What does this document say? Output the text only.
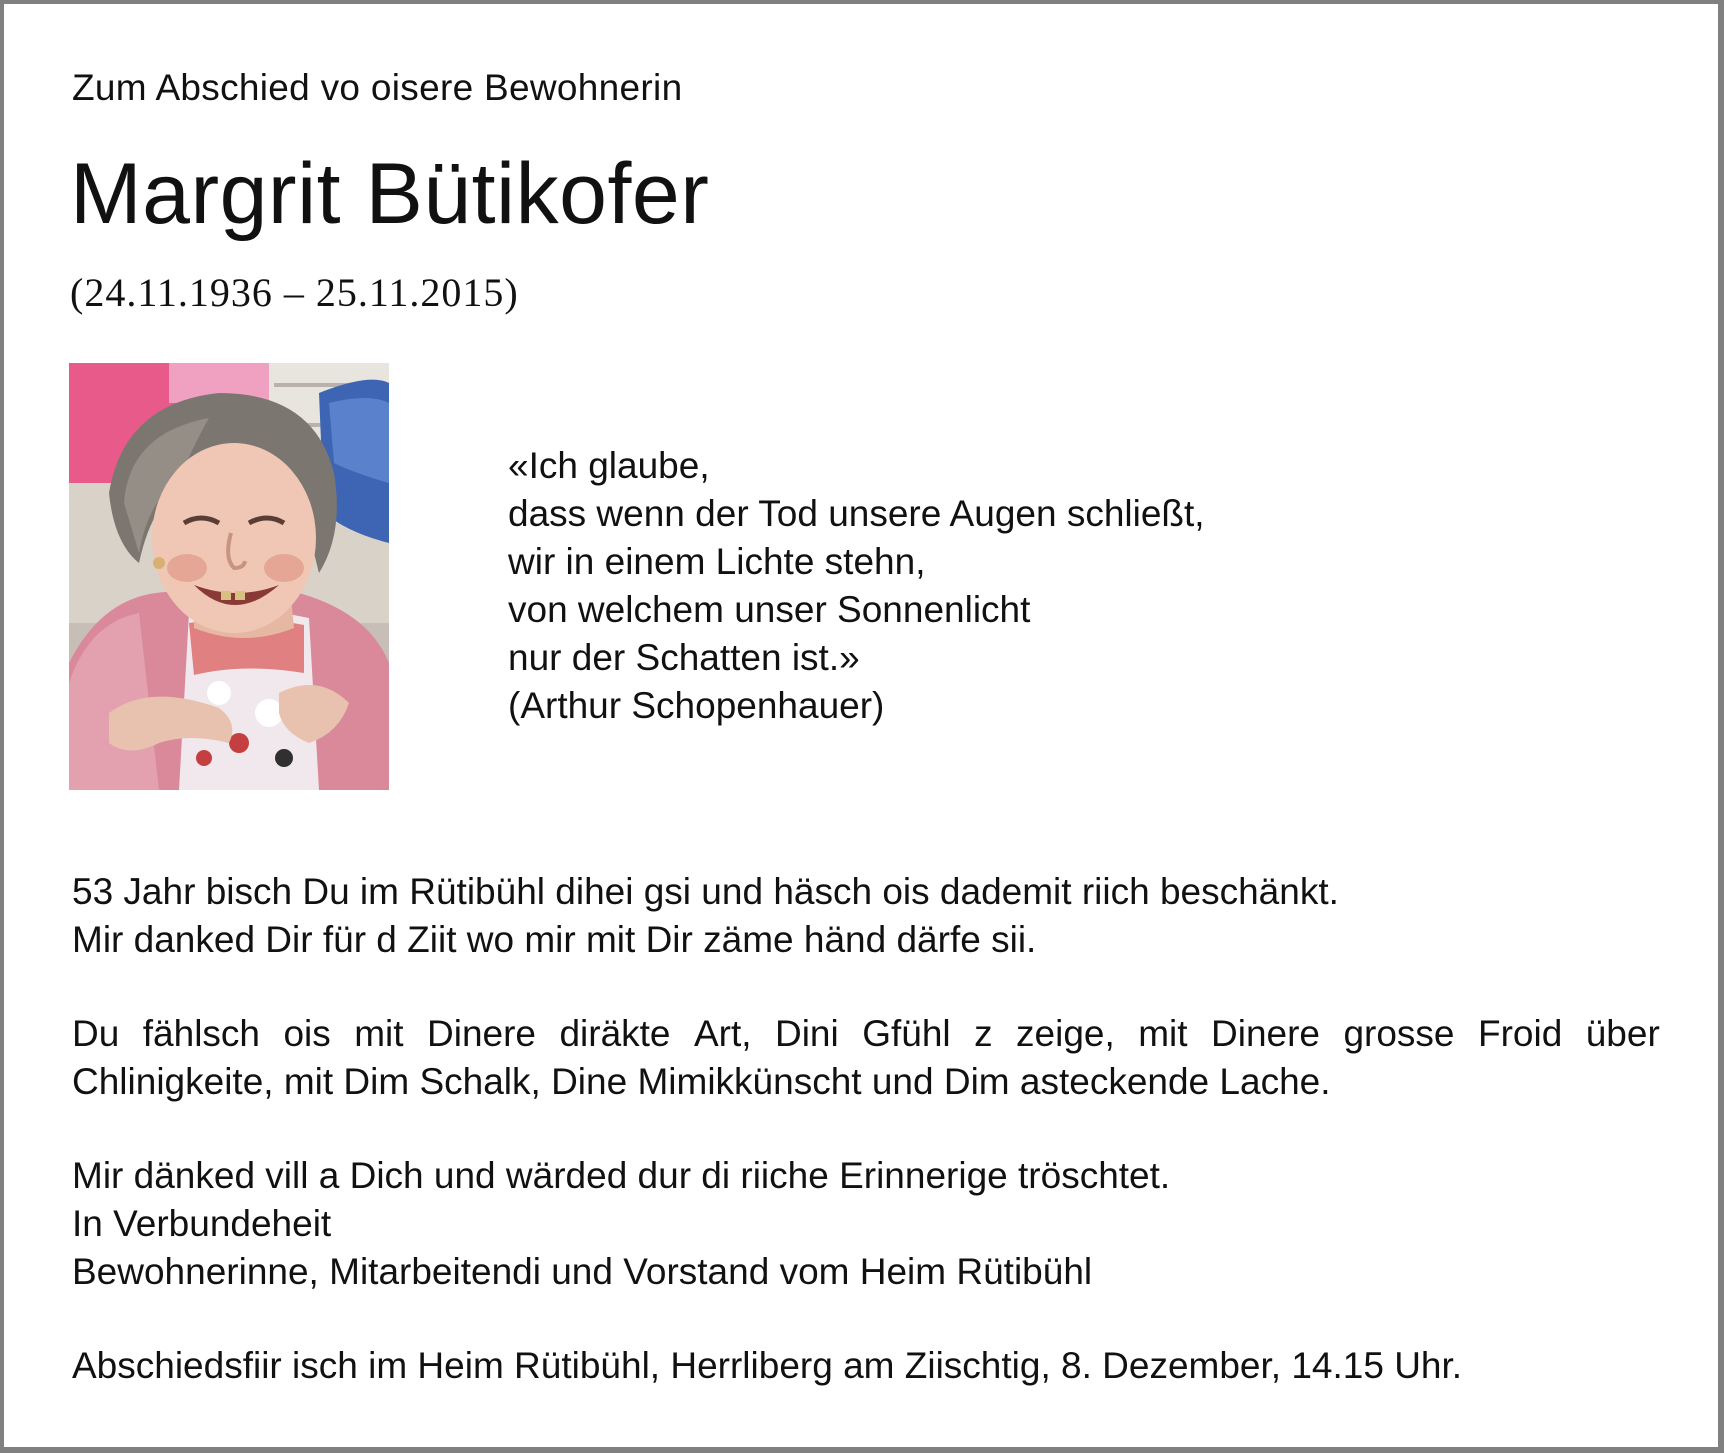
Zum Abschied vo oisere Bewohnerin
Margrit Bütikofer
(24.11.1936 – 25.11.2015)
«Ich glaube,
dass wenn der Tod unsere Augen schließt,
wir in einem Lichte stehn,
von welchem unser Sonnenlicht
nur der Schatten ist.»
(Arthur Schopenhauer)
53 Jahr bisch Du im Rütibühl dihei gsi und häsch ois dademit riich beschänkt.
Mir danked Dir für d Ziit wo mir mit Dir zäme händ därfe sii.
Du fählsch ois mit Dinere diräkte Art, Dini Gfühl z zeige, mit Dinere grosse Froid über
Chlinigkeite, mit Dim Schalk, Dine Mimikkünscht und Dim asteckende Lache.
Mir dänked vill a Dich und wärded dur di riiche Erinnerige tröschtet.
In Verbundeheit
Bewohnerinne, Mitarbeitendi und Vorstand vom Heim Rütibühl
Abschiedsfiir isch im Heim Rütibühl, Herrliberg am Ziischtig, 8. Dezember, 14.15 Uhr.
